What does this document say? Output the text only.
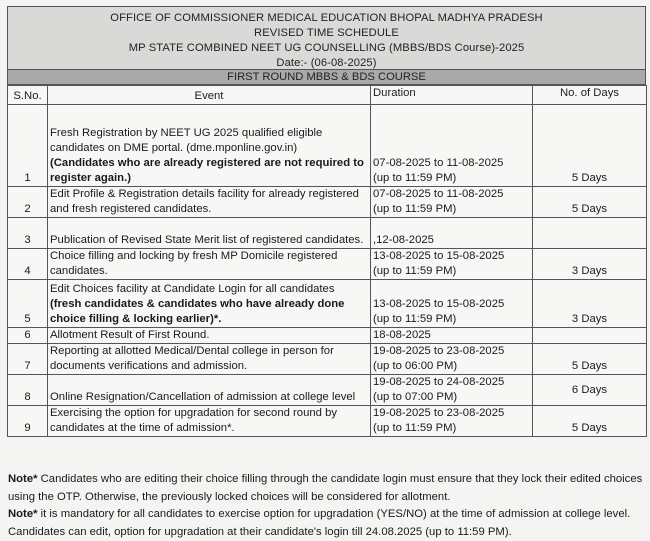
OFFICE OF COMMISSIONER MEDICAL EDUCATION BHOPAL MADHYA PRADESH
REVISED TIME SCHEDULE
MP STATE COMBINED NEET UG COUNSELLING (MBBS/BDS Course)-2025
Date:- (06-08-2025)
FIRST ROUND MBBS & BDS COURSE
S.No.	Event	Duration	No. of Days
1	Fresh Registration by NEET UG 2025 qualified eligible candidates on DME portal. (dme.mponline.gov.in)
(Candidates who are already registered are not required to register again.)	07-08-2025 to 11-08-2025
(up to 11:59 PM)	5 Days
2	Edit Profile & Registration details facility for already registered and fresh registered candidates.	07-08-2025 to 11-08-2025
(up to 11:59 PM)	5 Days
3	Publication of Revised State Merit list of registered candidates.	,12-08-2025	
4	Choice filling and locking by fresh MP Domicile registered candidates.	13-08-2025 to 15-08-2025
(up to 11:59 PM)	3 Days
5	Edit Choices facility at Candidate Login for all candidates
(fresh candidates & candidates who have already done choice filling & locking earlier)*.	13-08-2025 to 15-08-2025
(up to 11:59 PM)	3 Days
6	Allotment Result of First Round.	18-08-2025	
7	Reporting at allotted Medical/Dental college in person for documents verifications and admission.	19-08-2025 to 23-08-2025
(up to 06:00 PM)	5 Days
8	Online Resignation/Cancellation of admission at college level	19-08-2025 to 24-08-2025
(up to 07:00 PM)	6 Days
9	Exercising the option for upgradation for second round by candidates at the time of admission*.	19-08-2025 to 23-08-2025
(up to 11:59 PM)	5 Days
Note* Candidates who are editing their choice filling through the candidate login must ensure that they lock their edited choices using the OTP. Otherwise, the previously locked choices will be considered for allotment.
Note* it is mandatory for all candidates to exercise option for upgradation (YES/NO) at the time of admission at college level. Candidates can edit, option for upgradation at their candidate's login till 24.08.2025 (up to 11:59 PM).
